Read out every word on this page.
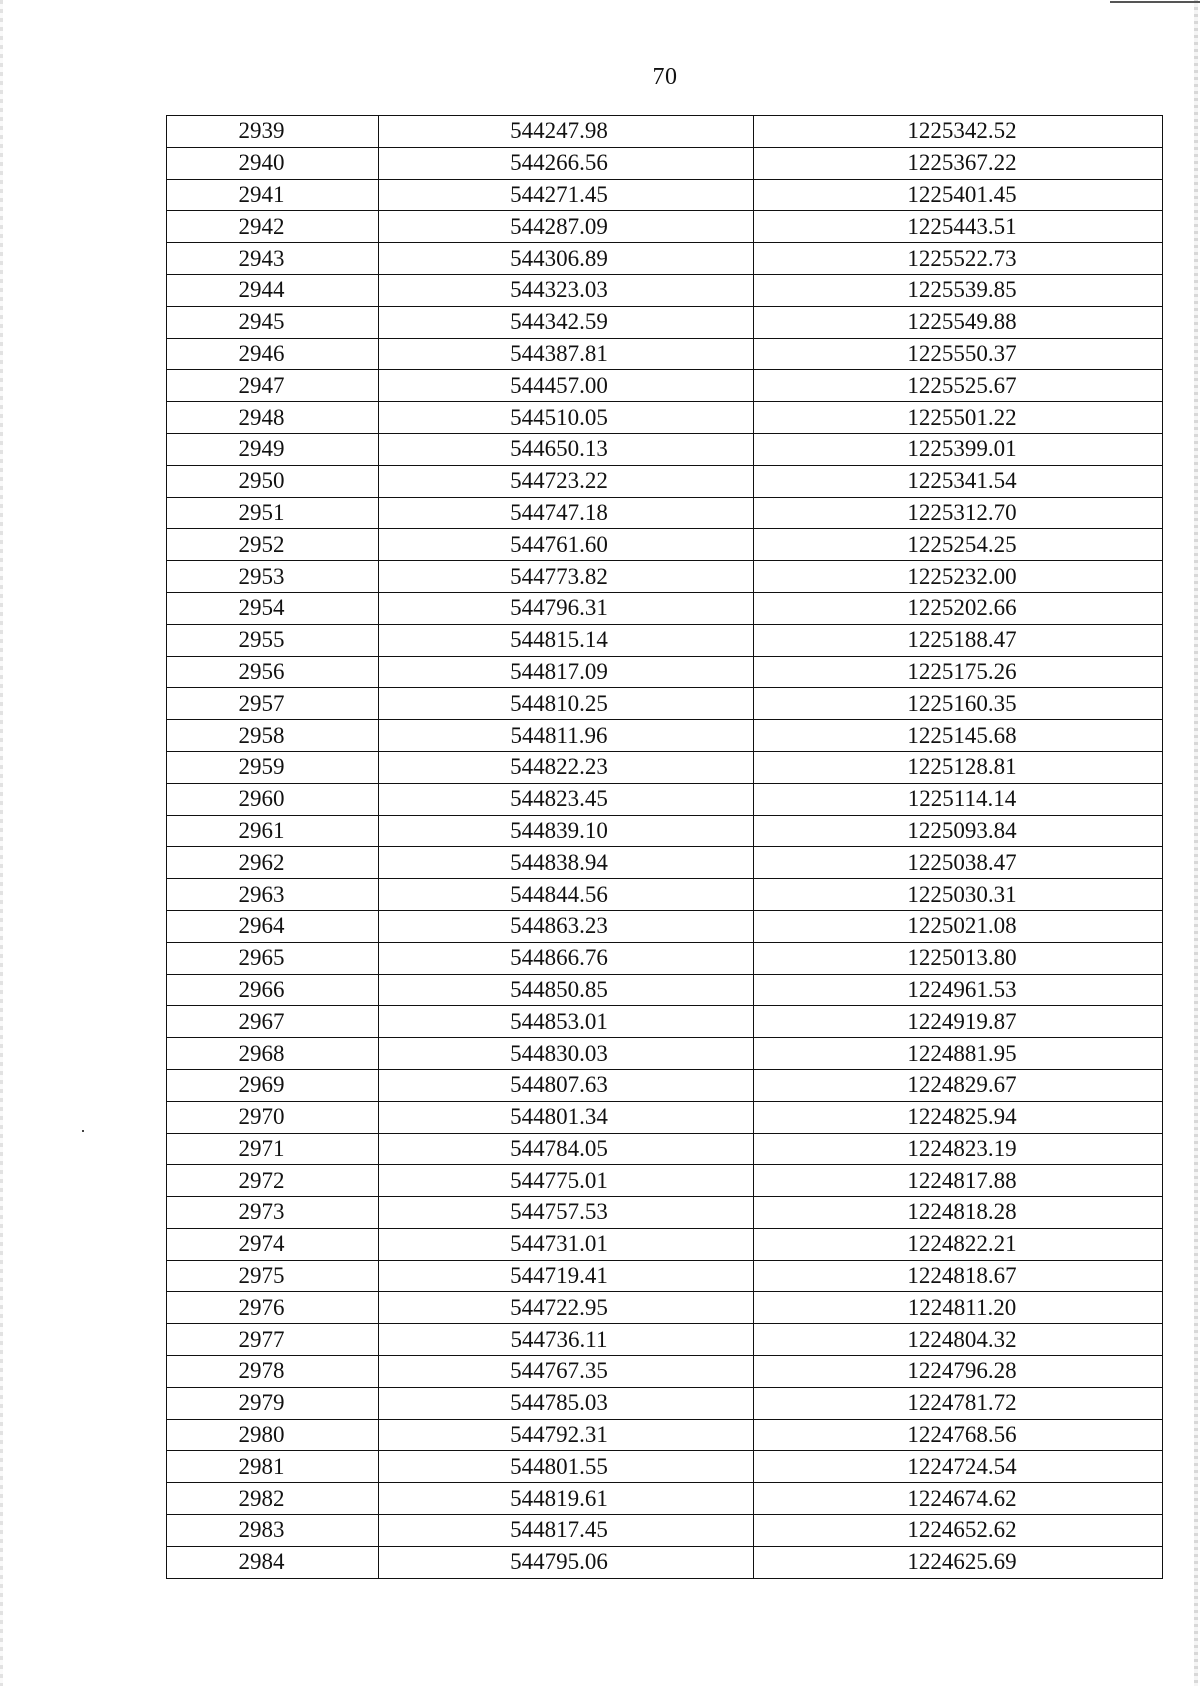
70
2939	544247.98	1225342.52
2940	544266.56	1225367.22
2941	544271.45	1225401.45
2942	544287.09	1225443.51
2943	544306.89	1225522.73
2944	544323.03	1225539.85
2945	544342.59	1225549.88
2946	544387.81	1225550.37
2947	544457.00	1225525.67
2948	544510.05	1225501.22
2949	544650.13	1225399.01
2950	544723.22	1225341.54
2951	544747.18	1225312.70
2952	544761.60	1225254.25
2953	544773.82	1225232.00
2954	544796.31	1225202.66
2955	544815.14	1225188.47
2956	544817.09	1225175.26
2957	544810.25	1225160.35
2958	544811.96	1225145.68
2959	544822.23	1225128.81
2960	544823.45	1225114.14
2961	544839.10	1225093.84
2962	544838.94	1225038.47
2963	544844.56	1225030.31
2964	544863.23	1225021.08
2965	544866.76	1225013.80
2966	544850.85	1224961.53
2967	544853.01	1224919.87
2968	544830.03	1224881.95
2969	544807.63	1224829.67
2970	544801.34	1224825.94
2971	544784.05	1224823.19
2972	544775.01	1224817.88
2973	544757.53	1224818.28
2974	544731.01	1224822.21
2975	544719.41	1224818.67
2976	544722.95	1224811.20
2977	544736.11	1224804.32
2978	544767.35	1224796.28
2979	544785.03	1224781.72
2980	544792.31	1224768.56
2981	544801.55	1224724.54
2982	544819.61	1224674.62
2983	544817.45	1224652.62
2984	544795.06	1224625.69
